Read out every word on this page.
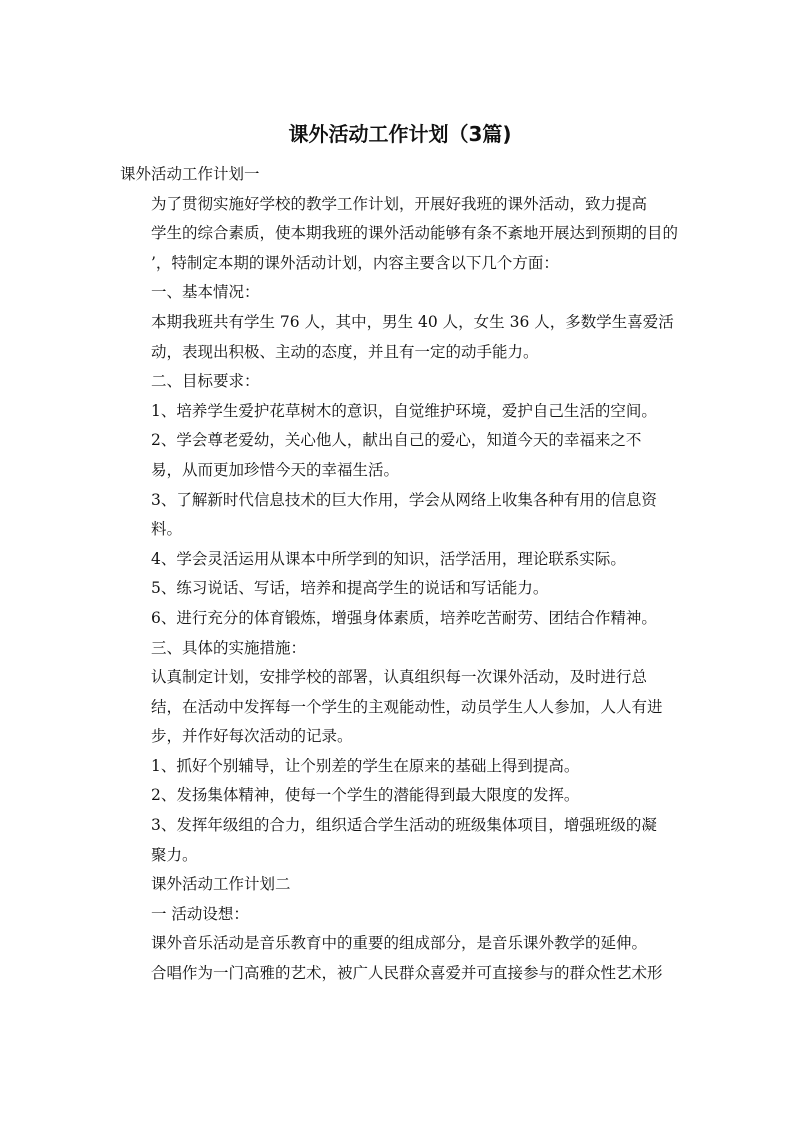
课外活动工作计划（3篇)

课外活动工作计划一

为了贯彻实施好学校的教学工作计划，开展好我班的课外活动，致力提高
学生的综合素质，使本期我班的课外活动能够有条不紊地开展达到预期的目的
’，特制定本期的课外活动计划，内容主要含以下几个方面：

一、基本情况：

本期我班共有学生 76 人，其中，男生 40 人，女生 36 人，多数学生喜爱活
动，表现出积极、主动的态度，并且有一定的动手能力。

二、目标要求：

1、培养学生爱护花草树木的意识，自觉维护环境，爱护自己生活的空间。

2、学会尊老爱幼，关心他人，献出自己的爱心，知道今天的幸福来之不
易，从而更加珍惜今天的幸福生活。

3、了解新时代信息技术的巨大作用，学会从网络上收集各种有用的信息资
料。

4、学会灵活运用从课本中所学到的知识，活学活用，理论联系实际。

5、练习说话、写话，培养和提高学生的说话和写话能力。

6、进行充分的体育锻炼，增强身体素质，培养吃苦耐劳、团结合作精神。

三、具体的实施措施：

认真制定计划，安排学校的部署，认真组织每一次课外活动，及时进行总
结，在活动中发挥每一个学生的主观能动性，动员学生人人参加，人人有进
步，并作好每次活动的记录。

1、抓好个别辅导，让个别差的学生在原来的基础上得到提高。

2、发扬集体精神，使每一个学生的潜能得到最大限度的发挥。

3、发挥年级组的合力，组织适合学生活动的班级集体项目，增强班级的凝
聚力。

课外活动工作计划二

一 活动设想：

课外音乐活动是音乐教育中的重要的组成部分，是音乐课外教学的延伸。
合唱作为一门高雅的艺术，被广人民群众喜爱并可直接参与的群众性艺术形
